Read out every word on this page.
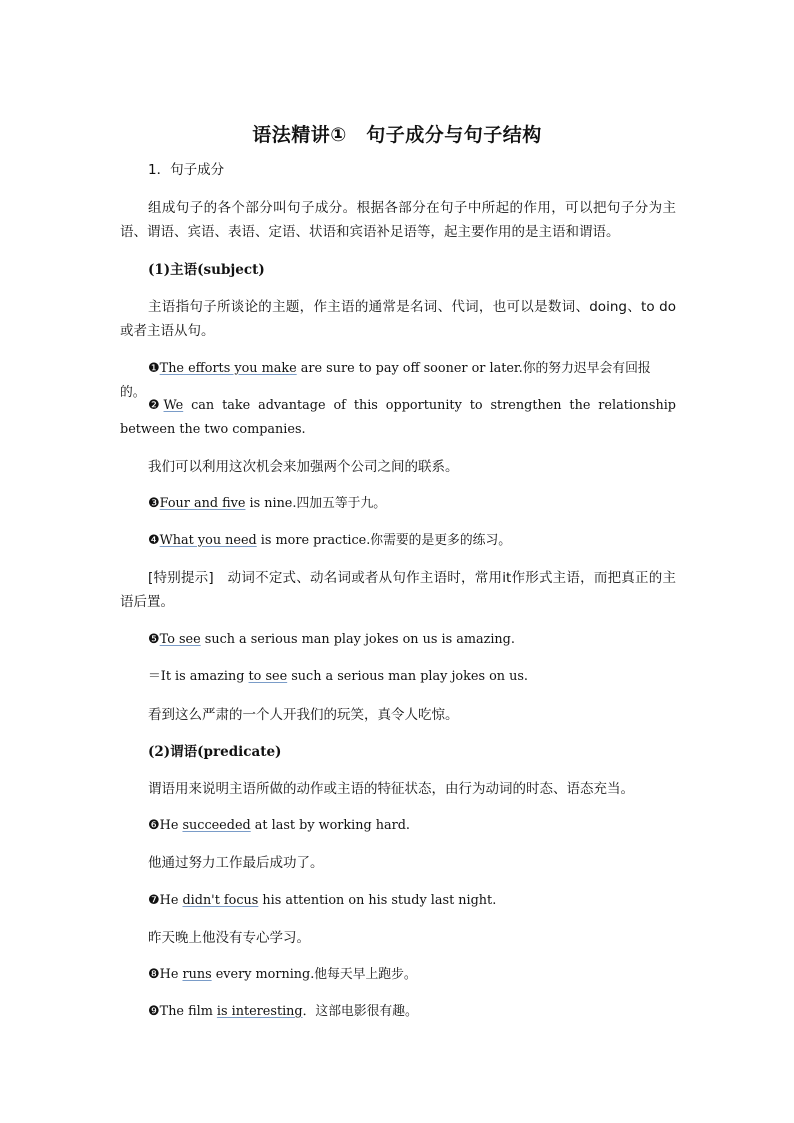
语法精讲①　句子成分与句子结构
1．句子成分
组成句子的各个部分叫句子成分。根据各部分在句子中所起的作用，可以把句子分为主语、谓语、宾语、表语、定语、状语和宾语补足语等，起主要作用的是主语和谓语。
(1)主语(subject)
主语指句子所谈论的主题，作主语的通常是名词、代词，也可以是数词、doing、to do或者主语从句。
❶The efforts you make are sure to pay off sooner or later.你的努力迟早会有回报的。
❷We can take advantage of this opportunity to strengthen the relationship between the two companies.
我们可以利用这次机会来加强两个公司之间的联系。
❸Four and five is nine.四加五等于九。
❹What you need is more practice.你需要的是更多的练习。
[特别提示]　动词不定式、动名词或者从句作主语时，常用it作形式主语，而把真正的主语后置。
❺To see such a serious man play jokes on us is amazing.
＝It is amazing to see such a serious man play jokes on us.
看到这么严肃的一个人开我们的玩笑，真令人吃惊。
(2)谓语(predicate)
谓语用来说明主语所做的动作或主语的特征状态，由行为动词的时态、语态充当。
❻He succeeded at last by working hard.
他通过努力工作最后成功了。
❼He didn't focus his attention on his study last night.
昨天晚上他没有专心学习。
❽He runs every morning.他每天早上跑步。
❾The film is interesting．这部电影很有趣。
